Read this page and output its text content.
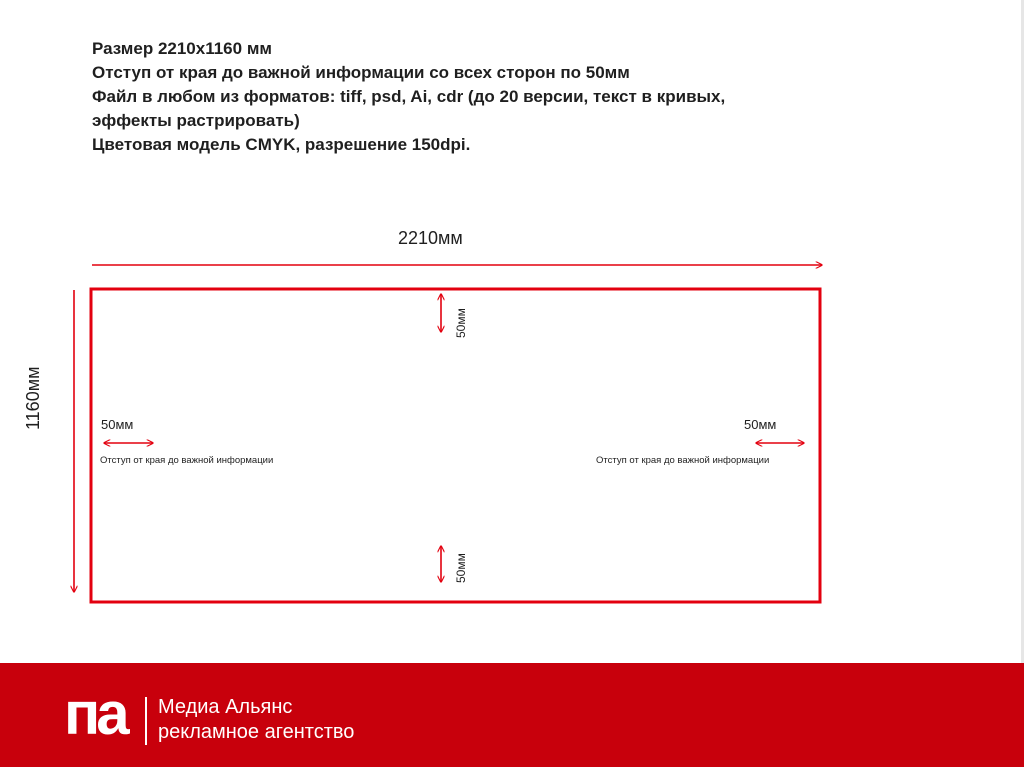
Размер 2210х1160 мм
Отступ от края до важной информации со всех сторон по 50мм
Файл в любом из форматов: tiff, psd, Ai, cdr (до 20 версии, текст в кривых,
эффекты растрировать)
Цветовая модель CMYK, разрешение 150dpi.
2210мм
1160мм
50мм
50мм
50мм	50мм
Отступ от края до важной информации	Отступ от края до важной информации
па Медиа Альянс
рекламное агентство
